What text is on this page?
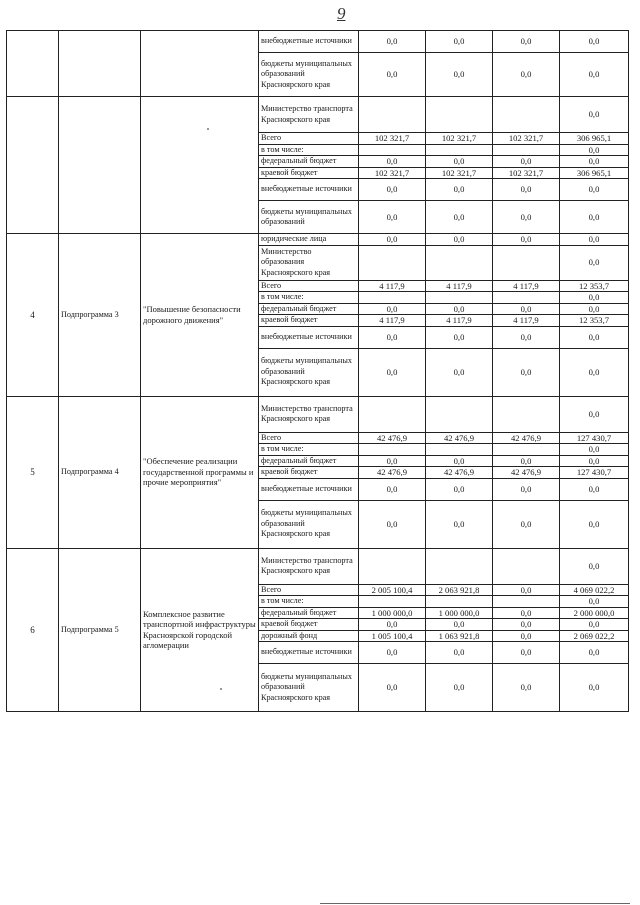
9
			внебюджетные источники	0,0	0,0	0,0	0,0
			бюджеты муниципальных образований Красноярского края	0,0	0,0	0,0	0,0
			Министерство транспорта Красноярского края				0,0
			Всего	102 321,7	102 321,7	102 321,7	306 965,1
			в том числе:				0,0
			федеральный бюджет	0,0	0,0	0,0	0,0
			краевой бюджет	102 321,7	102 321,7	102 321,7	306 965,1
			внебюджетные источники	0,0	0,0	0,0	0,0
			бюджеты муниципальных образований	0,0	0,0	0,0	0,0
4	Подпрограмма 3	"Повышение безопасности дорожного движения"	юридические лица	0,0	0,0	0,0	0,0
			Министерство образования Красноярского края				0,0
			Всего	4 117,9	4 117,9	4 117,9	12 353,7
			в том числе:				0,0
			федеральный бюджет	0,0	0,0	0,0	0,0
			краевой бюджет	4 117,9	4 117,9	4 117,9	12 353,7
			внебюджетные источники	0,0	0,0	0,0	0,0
			бюджеты муниципальных образований Красноярского края	0,0	0,0	0,0	0,0
5	Подпрограмма 4	"Обеспечение реализации государственной программы и прочие мероприятия"	Министерство транспорта Красноярского края				0,0
			Всего	42 476,9	42 476,9	42 476,9	127 430,7
			в том числе:				0,0
			федеральный бюджет	0,0	0,0	0,0	0,0
			краевой бюджет	42 476,9	42 476,9	42 476,9	127 430,7
			внебюджетные источники	0,0	0,0	0,0	0,0
			бюджеты муниципальных образований Красноярского края	0,0	0,0	0,0	0,0
6	Подпрограмма 5	Комплексное развитие транспортной инфраструктуры Красноярской городской агломерации	Министерство транспорта Красноярского края				0,0
			Всего	2 005 100,4	2 063 921,8	0,0	4 069 022,2
			в том числе:				0,0
			федеральный бюджет	1 000 000,0	1 000 000,0	0,0	2 000 000,0
			краевой бюджет	0,0	0,0	0,0	0,0
			дорожный фонд	1 005 100,4	1 063 921,8	0,0	2 069 022,2
			внебюджетные источники	0,0	0,0	0,0	0,0
			бюджеты муниципальных образований Красноярского края	0,0	0,0	0,0	0,0
